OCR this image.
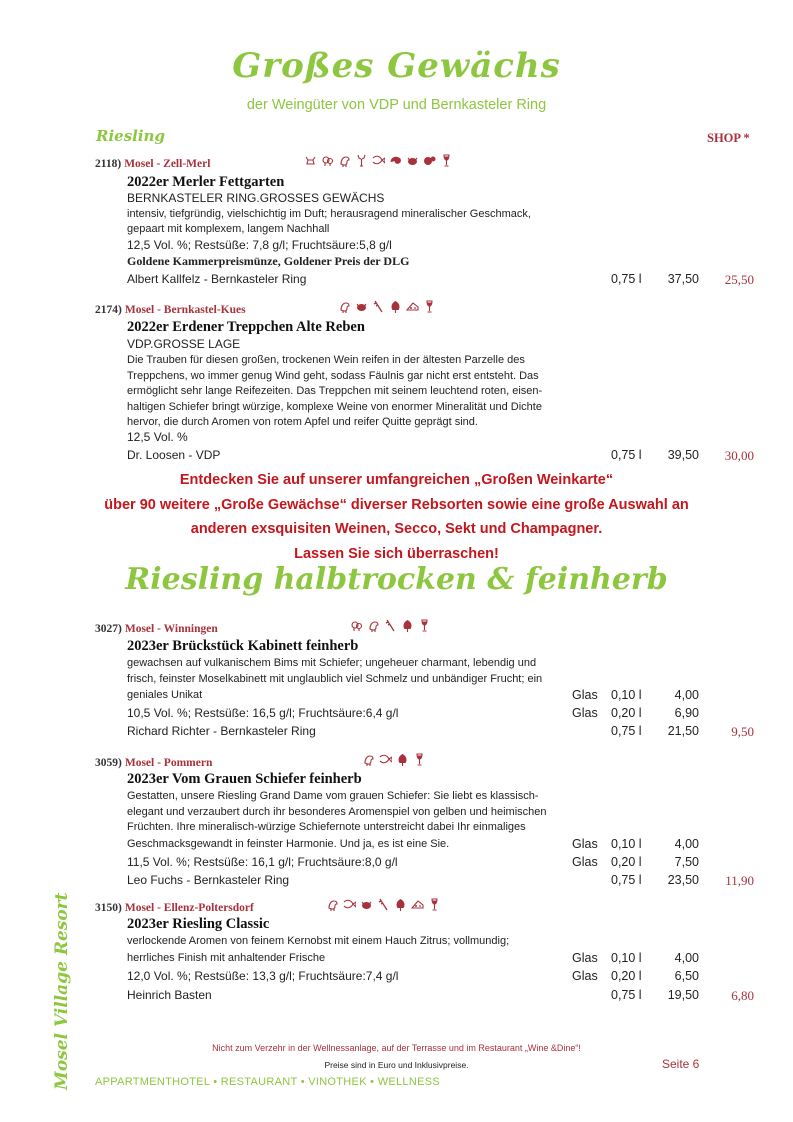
Großes Gewächs
der Weingüter von VDP und Bernkasteler Ring
Riesling	SHOP *
2118) Mosel - Zell-Merl
2022er Merler Fettgarten
BERNKASTELER RING.GROSSES GEWÄCHS
intensiv, tiefgründig, vielschichtig im Duft; herausragend mineralischer Geschmack,
gepaart mit komplexem, langem Nachhall
12,5 Vol. %; Restsüße: 7,8 g/l; Fruchtsäure:5,8 g/l
Goldene Kammerpreismünze, Goldener Preis der DLG
Albert Kallfelz - Bernkasteler Ring	0,75 l	37,50	25,50
2174) Mosel - Bernkastel-Kues
2022er Erdener Treppchen Alte Reben
VDP.GROSSE LAGE
Die Trauben für diesen großen, trockenen Wein reifen in der ältesten Parzelle des
Treppchens, wo immer genug Wind geht, sodass Fäulnis gar nicht erst entsteht. Das
ermöglicht sehr lange Reifezeiten. Das Treppchen mit seinem leuchtend roten, eisen-
haltigen Schiefer bringt würzige, komplexe Weine von enormer Mineralität und Dichte
hervor, die durch Aromen von rotem Apfel und reifer Quitte geprägt sind.
12,5 Vol. %
Dr. Loosen - VDP	0,75 l	39,50	30,00
Entdecken Sie auf unserer umfangreichen „Großen Weinkarte“
über 90 weitere „Große Gewächse“ diverser Rebsorten sowie eine große Auswahl an
anderen exsquisiten Weinen, Secco, Sekt und Champagner.
Lassen Sie sich überraschen!
Riesling halbtrocken & feinherb
3027) Mosel - Winningen
2023er Brückstück Kabinett feinherb
gewachsen auf vulkanischem Bims mit Schiefer; ungeheuer charmant, lebendig und
frisch, feinster Moselkabinett mit unglaublich viel Schmelz und unbändiger Frucht; ein
geniales Unikat	Glas 0,10 l	4,00
10,5 Vol. %; Restsüße: 16,5 g/l; Fruchtsäure:6,4 g/l	Glas 0,20 l	6,90
Richard Richter - Bernkasteler Ring	0,75 l	21,50	9,50
3059) Mosel - Pommern
2023er Vom Grauen Schiefer feinherb
Gestatten, unsere Riesling Grand Dame vom grauen Schiefer: Sie liebt es klassisch-
elegant und verzaubert durch ihr besonderes Aromenspiel von gelben und heimischen
Früchten. Ihre mineralisch-würzige Schiefernote unterstreicht dabei Ihr einmaliges
Geschmacksgewandt in feinster Harmonie. Und ja, es ist eine Sie.	Glas 0,10 l	4,00
11,5 Vol. %; Restsüße: 16,1 g/l; Fruchtsäure:8,0 g/l	Glas 0,20 l	7,50
Leo Fuchs - Bernkasteler Ring	0,75 l	23,50	11,90
3150) Mosel - Ellenz-Poltersdorf
2023er Riesling Classic
verlockende Aromen von feinem Kernobst mit einem Hauch Zitrus; vollmundig;
herrliches Finish mit anhaltender Frische	Glas 0,10 l	4,00
12,0 Vol. %; Restsüße: 13,3 g/l; Fruchtsäure:7,4 g/l	Glas 0,20 l	6,50
Heinrich Basten	0,75 l	19,50	6,80
Nicht zum Verzehr in der Wellnessanlage, auf der Terrasse und im Restaurant „Wine &Dine“!
Preise sind in Euro und Inklusivpreise.	Seite 6
APPARTMENTHOTEL • RESTAURANT • VINOTHEK • WELLNESS
Mosel Village Resort
